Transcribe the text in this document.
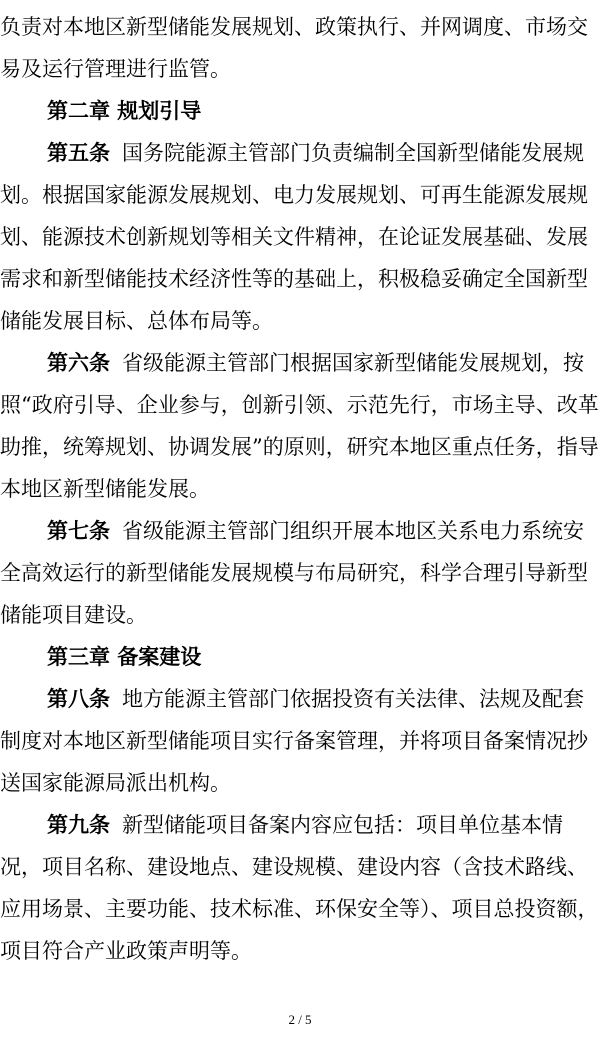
负责对本地区新型储能发展规划、政策执行、并网调度、市场交易及运行管理进行监管。

第二章 规划引导

第五条 国务院能源主管部门负责编制全国新型储能发展规划。根据国家能源发展规划、电力发展规划、可再生能源发展规划、能源技术创新规划等相关文件精神，在论证发展基础、发展需求和新型储能技术经济性等的基础上，积极稳妥确定全国新型储能发展目标、总体布局等。

第六条 省级能源主管部门根据国家新型储能发展规划，按照“政府引导、企业参与，创新引领、示范先行，市场主导、改革助推，统筹规划、协调发展”的原则，研究本地区重点任务，指导本地区新型储能发展。

第七条 省级能源主管部门组织开展本地区关系电力系统安全高效运行的新型储能发展规模与布局研究，科学合理引导新型储能项目建设。

第三章 备案建设

第八条 地方能源主管部门依据投资有关法律、法规及配套制度对本地区新型储能项目实行备案管理，并将项目备案情况抄送国家能源局派出机构。

第九条 新型储能项目备案内容应包括：项目单位基本情况，项目名称、建设地点、建设规模、建设内容（含技术路线、应用场景、主要功能、技术标准、环保安全等）、项目总投资额，项目符合产业政策声明等。

2 / 5
